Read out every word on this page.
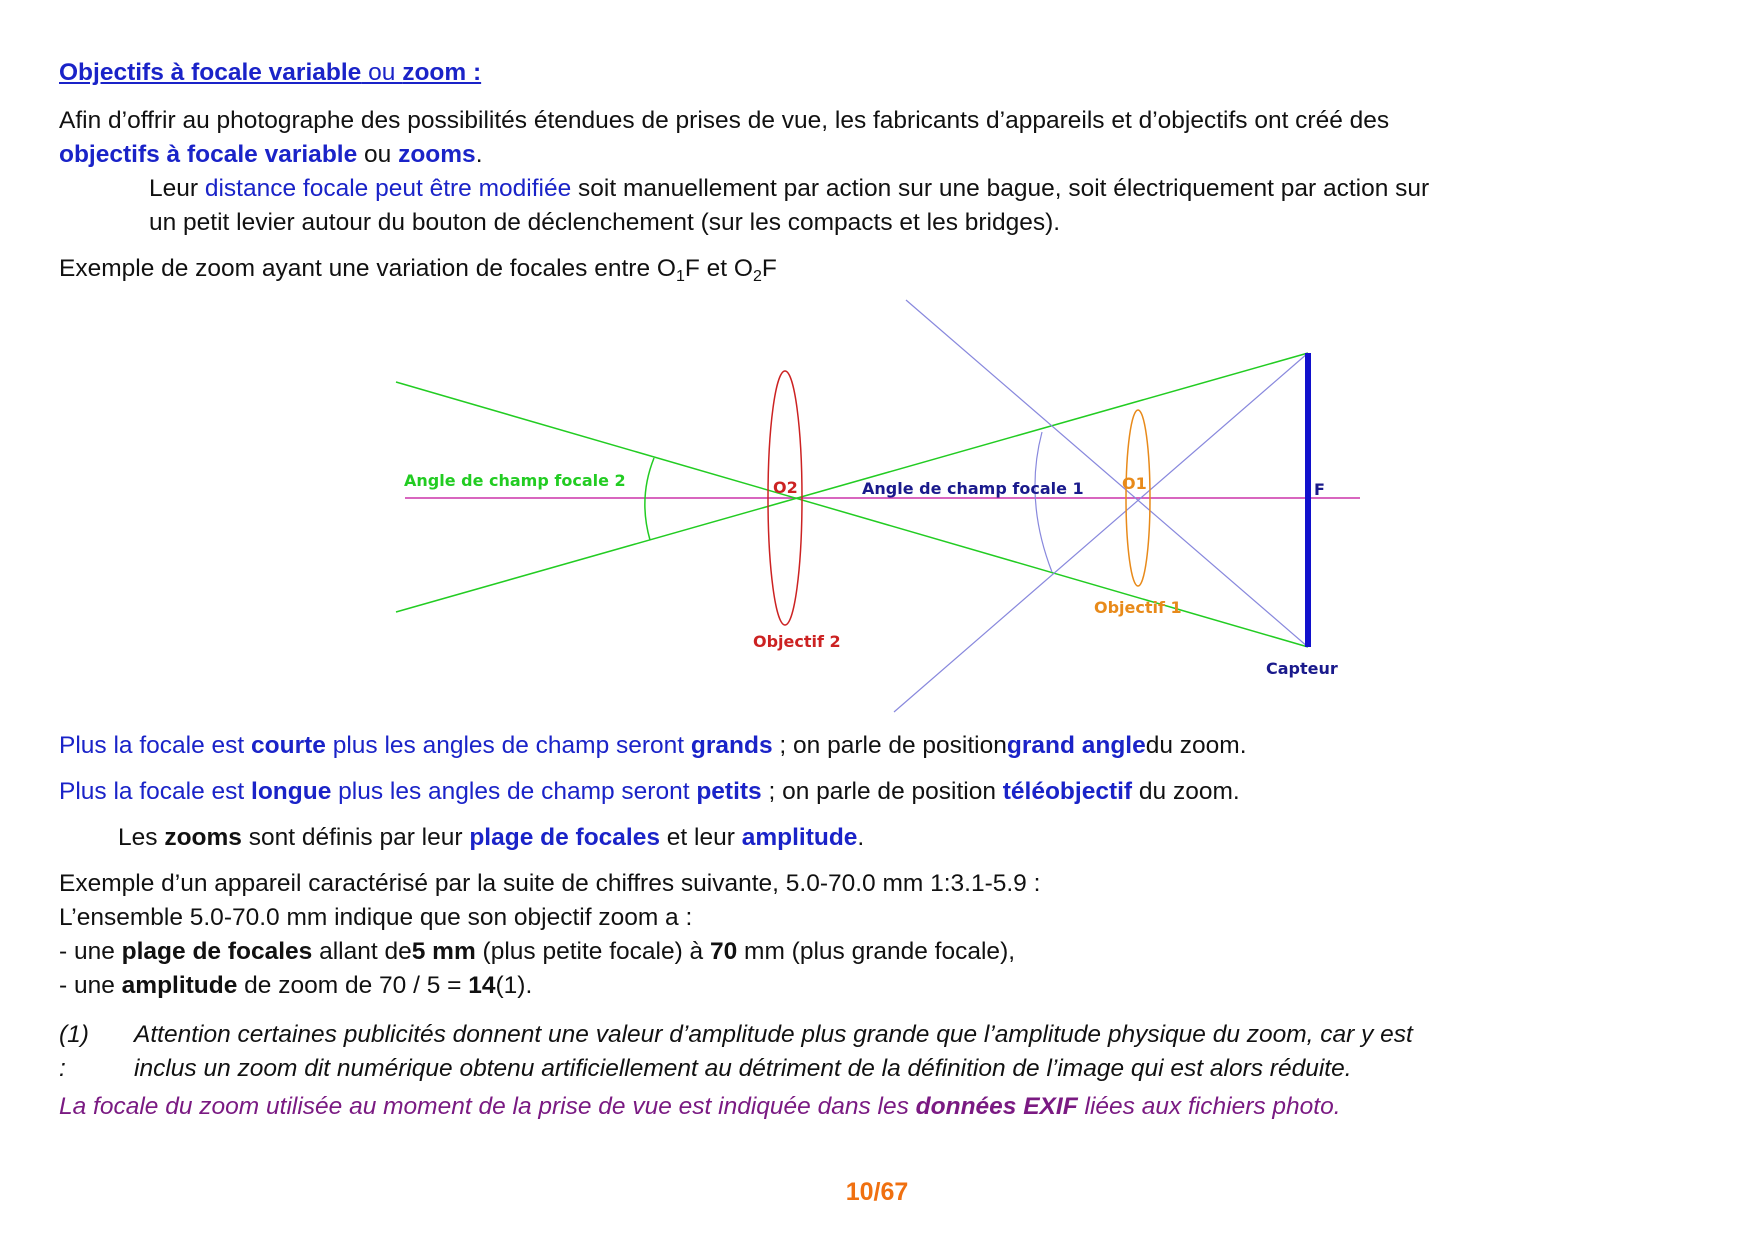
Objectifs à focale variable ou zoom :

Afin d’offrir au photographe des possibilités étendues de prises de vue, les fabricants d’appareils et d’objectifs ont créé des

objectifs à focale variable ou zooms.

Leur distance focale peut être modifiée soit manuellement par action sur une bague, soit électriquement par action sur

un petit levier autour du bouton de déclenchement (sur les compacts et les bridges).

Exemple de zoom ayant une variation de focales entre $O_1F$ et $O_2F$

Angle de champ focale 2	O2	Angle de champ focale 1 O1	F
Objectif 2
Objectif 1
Capteur

Plus la focale est courte plus les angles de champ seront grands ; on parle de positiongrand angledu zoom.

Plus la focale est longue plus les angles de champ seront petits ; on parle de position téléobjectif du zoom.

Les zooms sont définis par leur plage de focales et leur amplitude.

Exemple d’un appareil caractérisé par la suite de chiffres suivante, 5.0-70.0 mm 1:3.1-5.9 :

L’ensemble 5.0-70.0 mm indique que son objectif zoom a :

- une plage de focales allant de5 mm (plus petite focale) à 70 mm (plus grande focale),

- une amplitude de zoom de 70 / 5 = 14(1).

(1) :
Attention certaines publicités donnent une valeur d’amplitude plus grande que l’amplitude physique du zoom, car y est
inclus un zoom dit numérique obtenu artificiellement au détriment de la définition de l’image qui est alors réduite.

La focale du zoom utilisée au moment de la prise de vue est indiquée dans les données EXIF liées aux fichiers photo.

10/67
